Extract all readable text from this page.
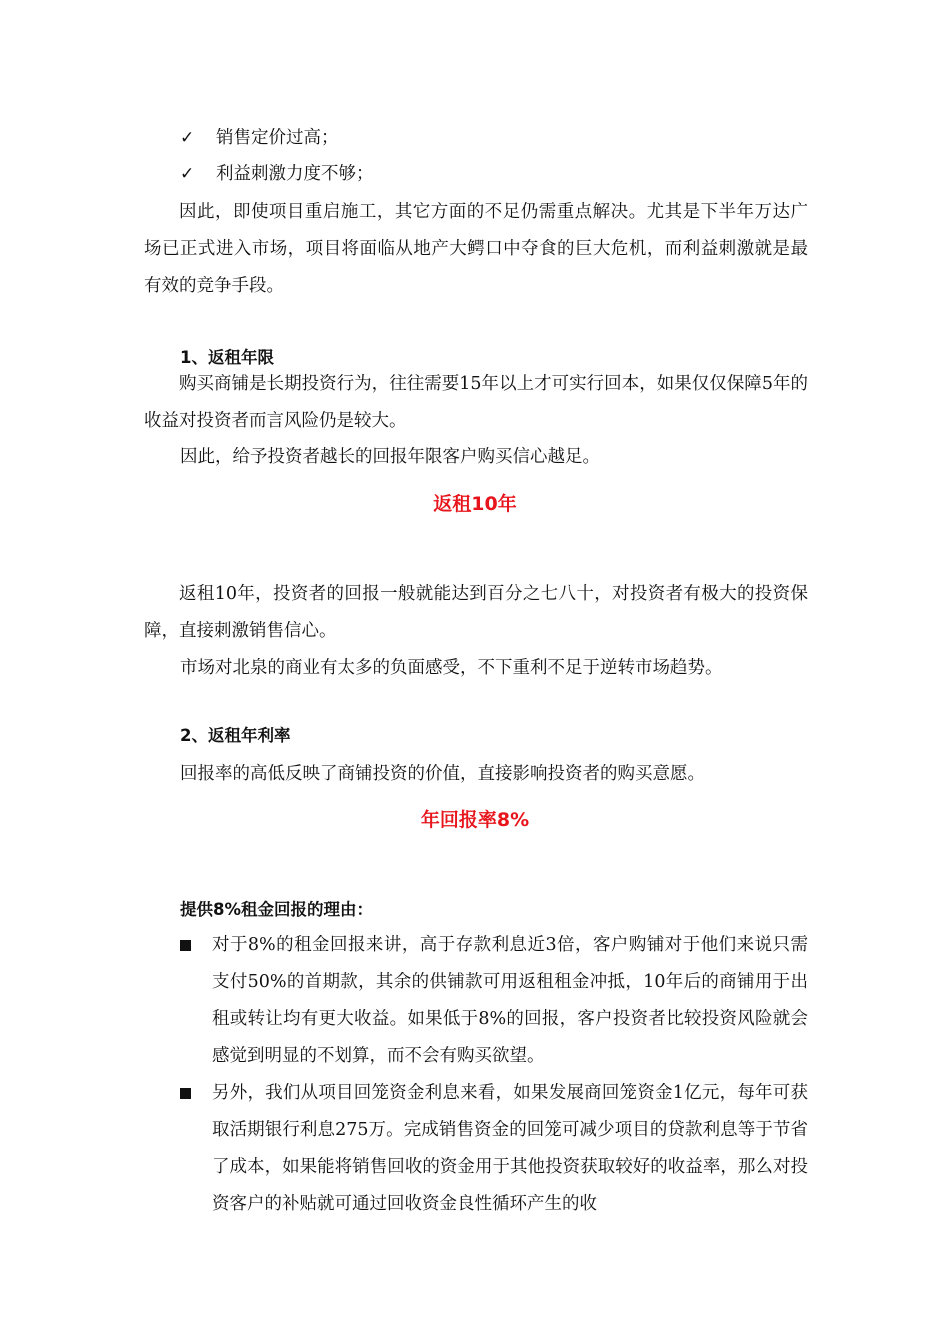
✓ 销售定价过高；
✓ 利益刺激力度不够；
因此，即使项目重启施工，其它方面的不足仍需重点解决。尤其是下半年万达广场已正式进入市场，项目将面临从地产大鳄口中夺食的巨大危机，而利益刺激就是最有效的竞争手段。
1、返租年限
购买商铺是长期投资行为，往往需要15年以上才可实行回本，如果仅仅保障5年的收益对投资者而言风险仍是较大。
因此，给予投资者越长的回报年限客户购买信心越足。
返租10年
返租10年，投资者的回报一般就能达到百分之七八十，对投资者有极大的投资保障，直接刺激销售信心。
市场对北泉的商业有太多的负面感受，不下重利不足于逆转市场趋势。
2、返租年利率
回报率的高低反映了商铺投资的价值，直接影响投资者的购买意愿。
年回报率8%
提供8%租金回报的理由：
对于8%的租金回报来讲，高于存款利息近3倍，客户购铺对于他们来说只需支付50%的首期款，其余的供铺款可用返租租金冲抵，10年后的商铺用于出租或转让均有更大收益。如果低于8%的回报，客户投资者比较投资风险就会感觉到明显的不划算，而不会有购买欲望。
另外，我们从项目回笼资金利息来看，如果发展商回笼资金1亿元，每年可获取活期银行利息275万。完成销售资金的回笼可减少项目的贷款利息等于节省了成本，如果能将销售回收的资金用于其他投资获取较好的收益率，那么对投资客户的补贴就可通过回收资金良性循环产生的收
